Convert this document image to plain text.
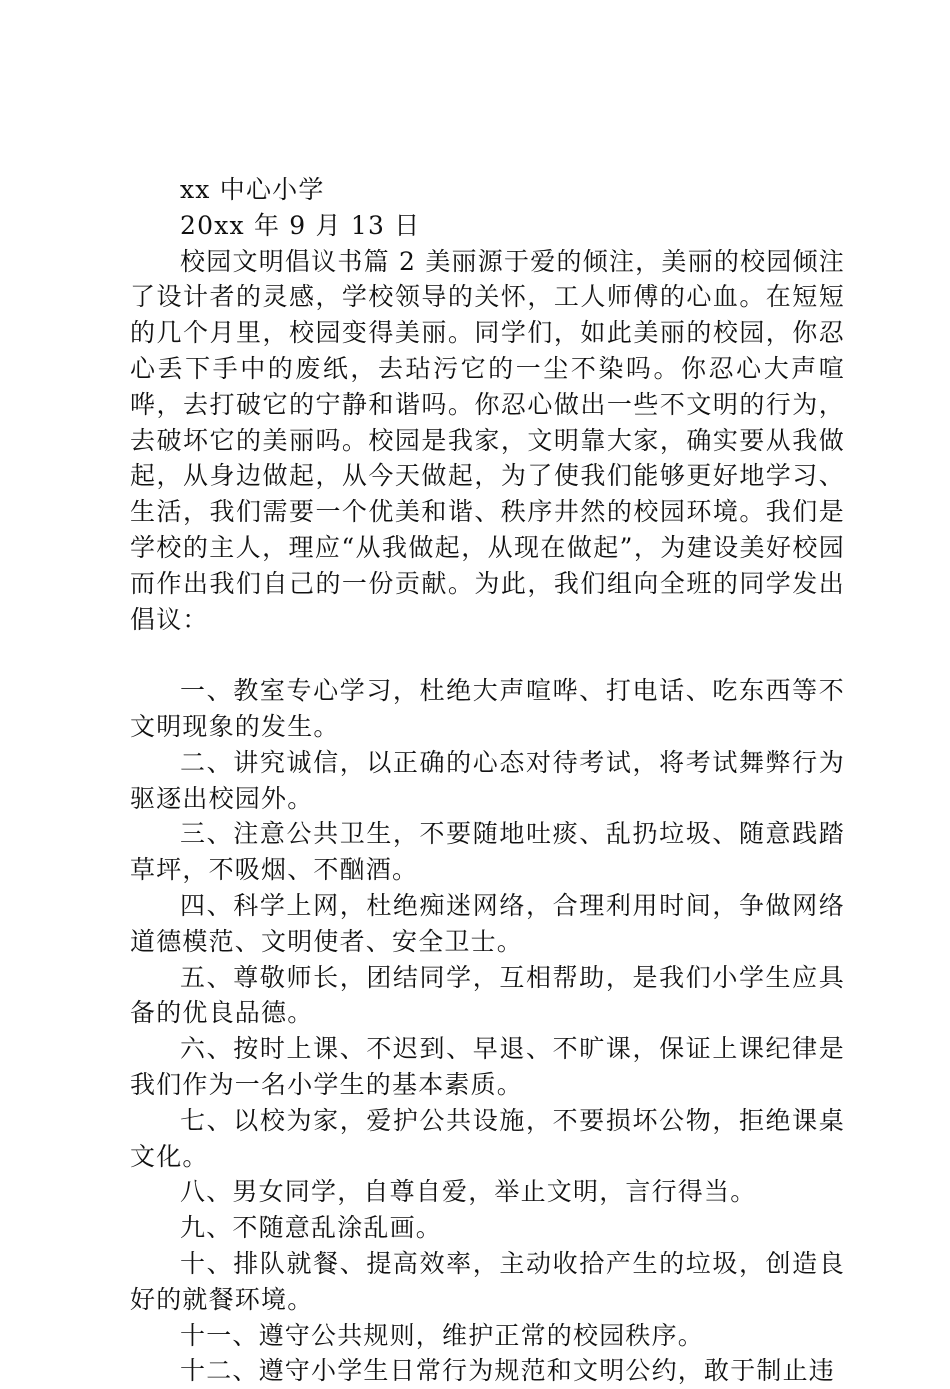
xx 中心小学

20xx 年 9 月 13 日

校园文明倡议书篇 2 美丽源于爱的倾注，美丽的校园倾注了设计者的灵感，学校领导的关怀，工人师傅的心血。在短短的几个月里，校园变得美丽。同学们，如此美丽的校园，你忍心丢下手中的废纸，去玷污它的一尘不染吗。你忍心大声喧哗，去打破它的宁静和谐吗。你忍心做出一些不文明的行为，去破坏它的美丽吗。校园是我家，文明靠大家，确实要从我做起，从身边做起，从今天做起，为了使我们能够更好地学习、生活，我们需要一个优美和谐、秩序井然的校园环境。我们是学校的主人，理应“从我做起，从现在做起”，为建设美好校园而作出我们自己的一份贡献。为此，我们组向全班的同学发出倡议：

一、教室专心学习，杜绝大声喧哗、打电话、吃东西等不文明现象的发生。

二、讲究诚信，以正确的心态对待考试，将考试舞弊行为驱逐出校园外。

三、注意公共卫生，不要随地吐痰、乱扔垃圾、随意践踏草坪，不吸烟、不酗酒。

四、科学上网，杜绝痴迷网络，合理利用时间，争做网络道德模范、文明使者、安全卫士。

五、尊敬师长，团结同学，互相帮助，是我们小学生应具备的优良品德。

六、按时上课、不迟到、早退、不旷课，保证上课纪律是我们作为一名小学生的基本素质。

七、以校为家，爱护公共设施，不要损坏公物，拒绝课桌文化。

八、男女同学，自尊自爱，举止文明，言行得当。

九、不随意乱涂乱画。

十、排队就餐、提高效率，主动收拾产生的垃圾，创造良好的就餐环境。

十一、遵守公共规则，维护正常的校园秩序。

十二、遵守小学生日常行为规范和文明公约，敢于制止违
